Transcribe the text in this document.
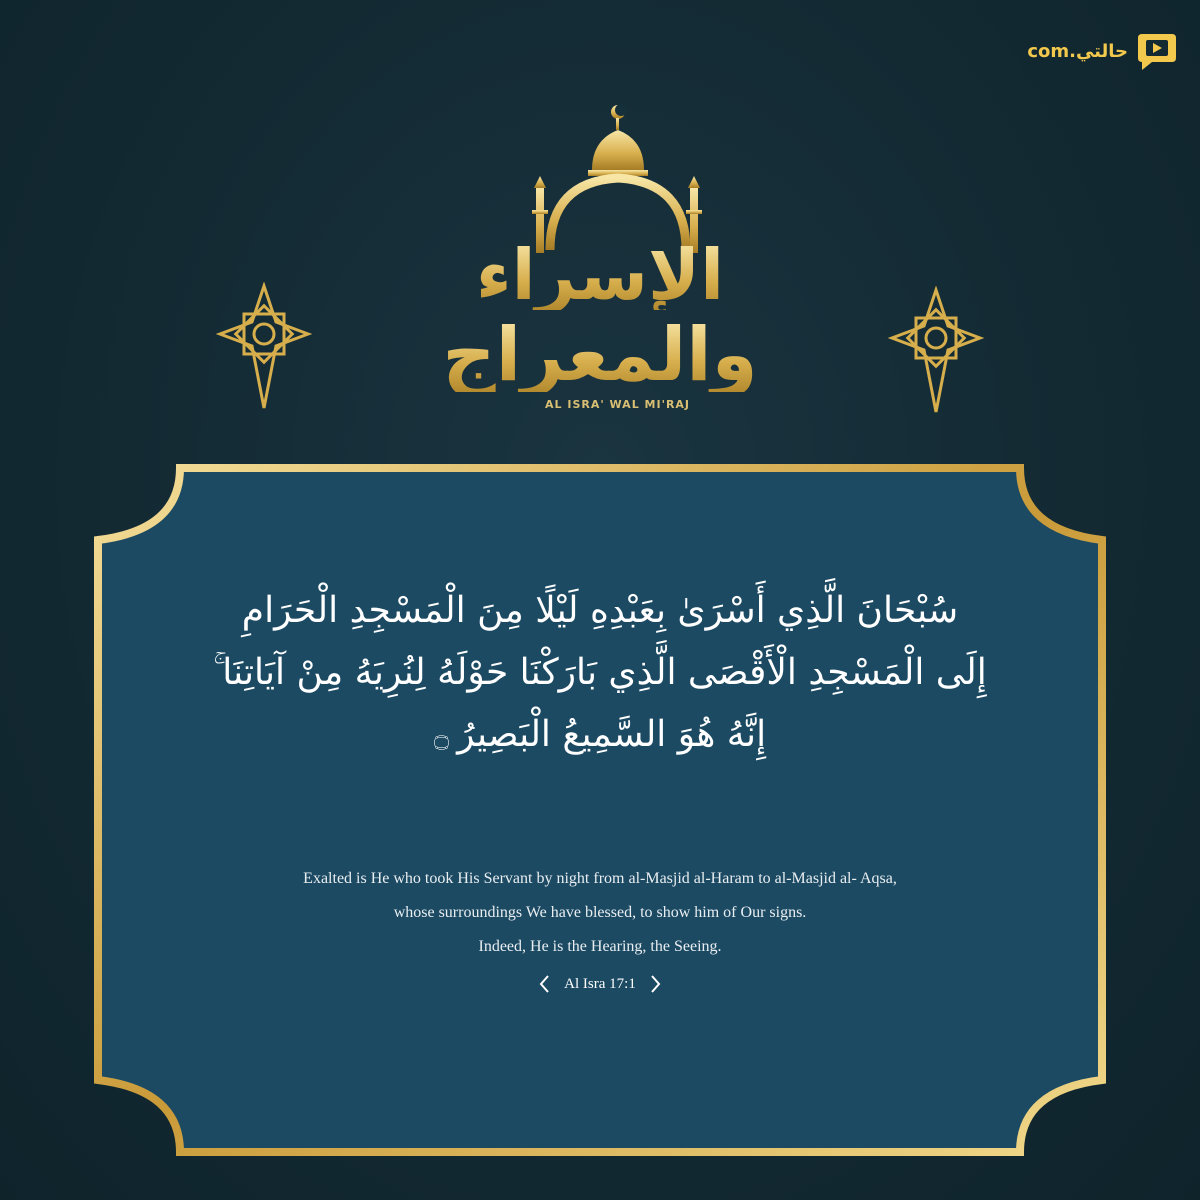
حالتي.com
الإسراء
والمعراج
AL ISRA' WAL MI'RAJ
سُبْحَانَ الَّذِي أَسْرَىٰ بِعَبْدِهِ لَيْلًا مِنَ الْمَسْجِدِ الْحَرَامِ
إِلَى الْمَسْجِدِ الْأَقْصَى الَّذِي بَارَكْنَا حَوْلَهُ لِنُرِيَهُ مِنْ آيَاتِنَا ۚ
إِنَّهُ هُوَ السَّمِيعُ الْبَصِيرُ۝
Exalted is He who took His Servant by night from al-Masjid al-Haram to al-Masjid al- Aqsa,
whose surroundings We have blessed, to show him of Our signs.
Indeed, He is the Hearing, the Seeing.
Al Isra 17:1
